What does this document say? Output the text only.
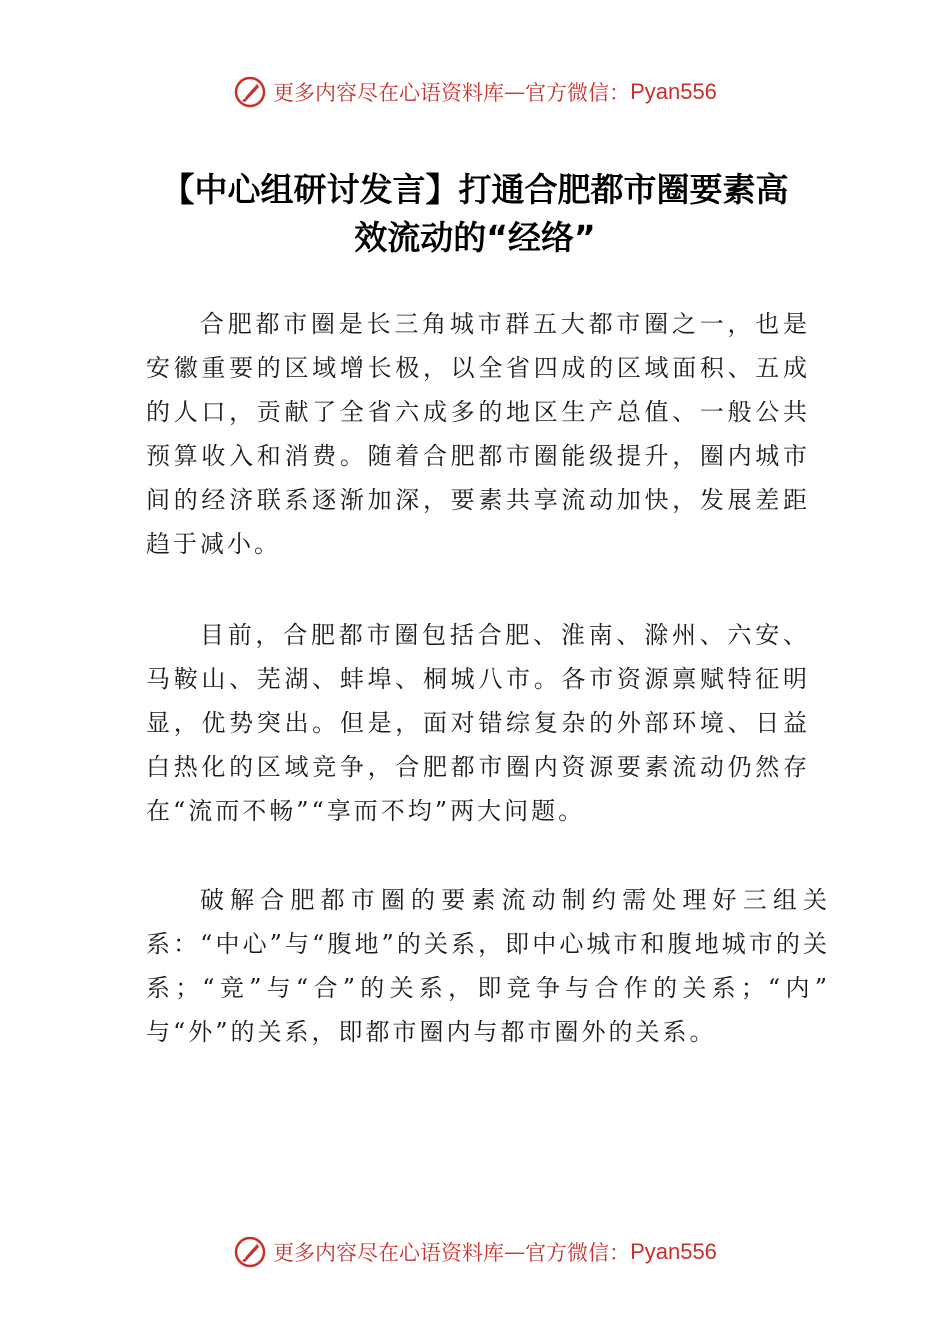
更多内容尽在心语资料库 — 官方微信： Pyan556
【中心组研讨发言】打通合肥都市圈要素高
效流动的“经络”

合肥都市圈是长三角城市群五大都市圈之一，也是安徽重要的区域增长极，以全省四成的区域面积、五成的人口，贡献了全省六成多的地区生产总值、一般公共预算收入和消费。随着合肥都市圈能级提升，圈内城市间的经济联系逐渐加深，要素共享流动加快，发展差距趋于减小。

目前，合肥都市圈包括合肥、淮南、滁州、六安、马鞍山、芜湖、蚌埠、桐城八市。各市资源禀赋特征明显，优势突出。但是，面对错综复杂的外部环境、日益白热化的区域竞争，合肥都市圈内资源要素流动仍然存在“流而不畅”“享而不均”两大问题。

破解合肥都市圈的要素流动制约需处理好三组关系：“中心”与“腹地”的关系，即中心城市和腹地城市的关系；“竞”与“合”的关系，即竞争与合作的关系；“内” 与“外”的关系，即都市圈内与都市圈外的关系。

更多内容尽在心语资料库 — 官方微信： Pyan556
